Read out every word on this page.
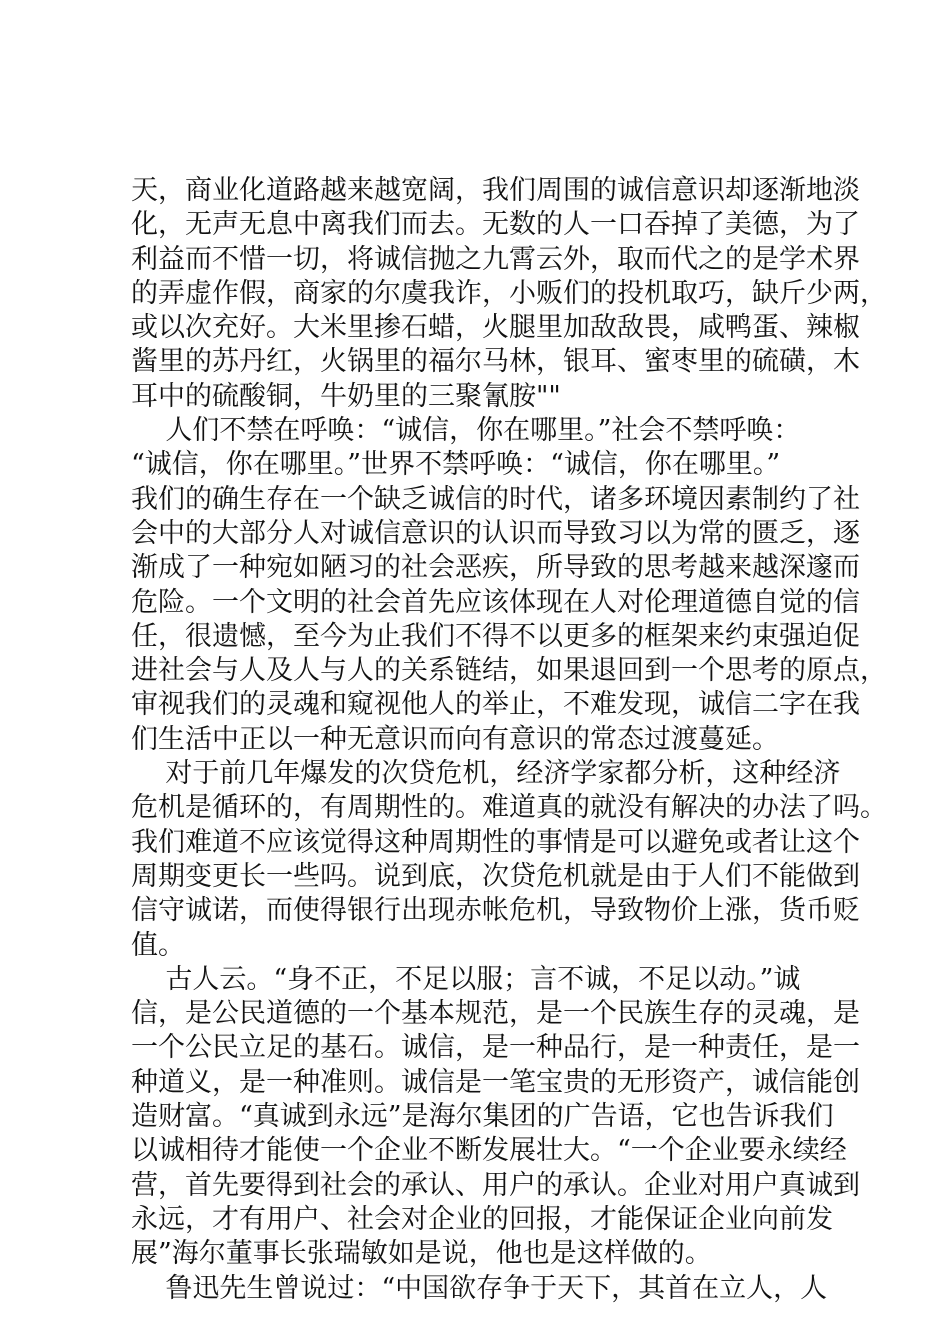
天，商业化道路越来越宽阔，我们周围的诚信意识却逐渐地淡
化，无声无息中离我们而去。无数的人一口吞掉了美德，为了
利益而不惜一切，将诚信抛之九霄云外，取而代之的是学术界
的弄虚作假，商家的尔虞我诈，小贩们的投机取巧，缺斤少两，
或以次充好。大米里掺石蜡，火腿里加敌敌畏，咸鸭蛋、辣椒
酱里的苏丹红，火锅里的福尔马林，银耳、蜜枣里的硫磺，木
耳中的硫酸铜，牛奶里的三聚氰胺""
人们不禁在呼唤：“诚信，你在哪里。”社会不禁呼唤：
“诚信，你在哪里。”世界不禁呼唤：“诚信，你在哪里。”
我们的确生存在一个缺乏诚信的时代，诸多环境因素制约了社
会中的大部分人对诚信意识的认识而导致习以为常的匮乏，逐
渐成了一种宛如陋习的社会恶疾，所导致的思考越来越深邃而
危险。一个文明的社会首先应该体现在人对伦理道德自觉的信
任，很遗憾，至今为止我们不得不以更多的框架来约束强迫促
进社会与人及人与人的关系链结，如果退回到一个思考的原点，
审视我们的灵魂和窥视他人的举止，不难发现，诚信二字在我
们生活中正以一种无意识而向有意识的常态过渡蔓延。
对于前几年爆发的次贷危机，经济学家都分析，这种经济
危机是循环的，有周期性的。难道真的就没有解决的办法了吗。
我们难道不应该觉得这种周期性的事情是可以避免或者让这个
周期变更长一些吗。说到底，次贷危机就是由于人们不能做到
信守诚诺，而使得银行出现赤帐危机，导致物价上涨，货币贬
值。
古人云。“身不正，不足以服；言不诚，不足以动。”诚
信，是公民道德的一个基本规范，是一个民族生存的灵魂，是
一个公民立足的基石。诚信，是一种品行，是一种责任，是一
种道义，是一种准则。诚信是一笔宝贵的无形资产，诚信能创
造财富。“真诚到永远”是海尔集团的广告语，它也告诉我们
以诚相待才能使一个企业不断发展壮大。“一个企业要永续经
营，首先要得到社会的承认、用户的承认。企业对用户真诚到
永远，才有用户、社会对企业的回报，才能保证企业向前发
展”海尔董事长张瑞敏如是说，他也是这样做的。
鲁迅先生曾说过：“中国欲存争于天下，其首在立人，人
